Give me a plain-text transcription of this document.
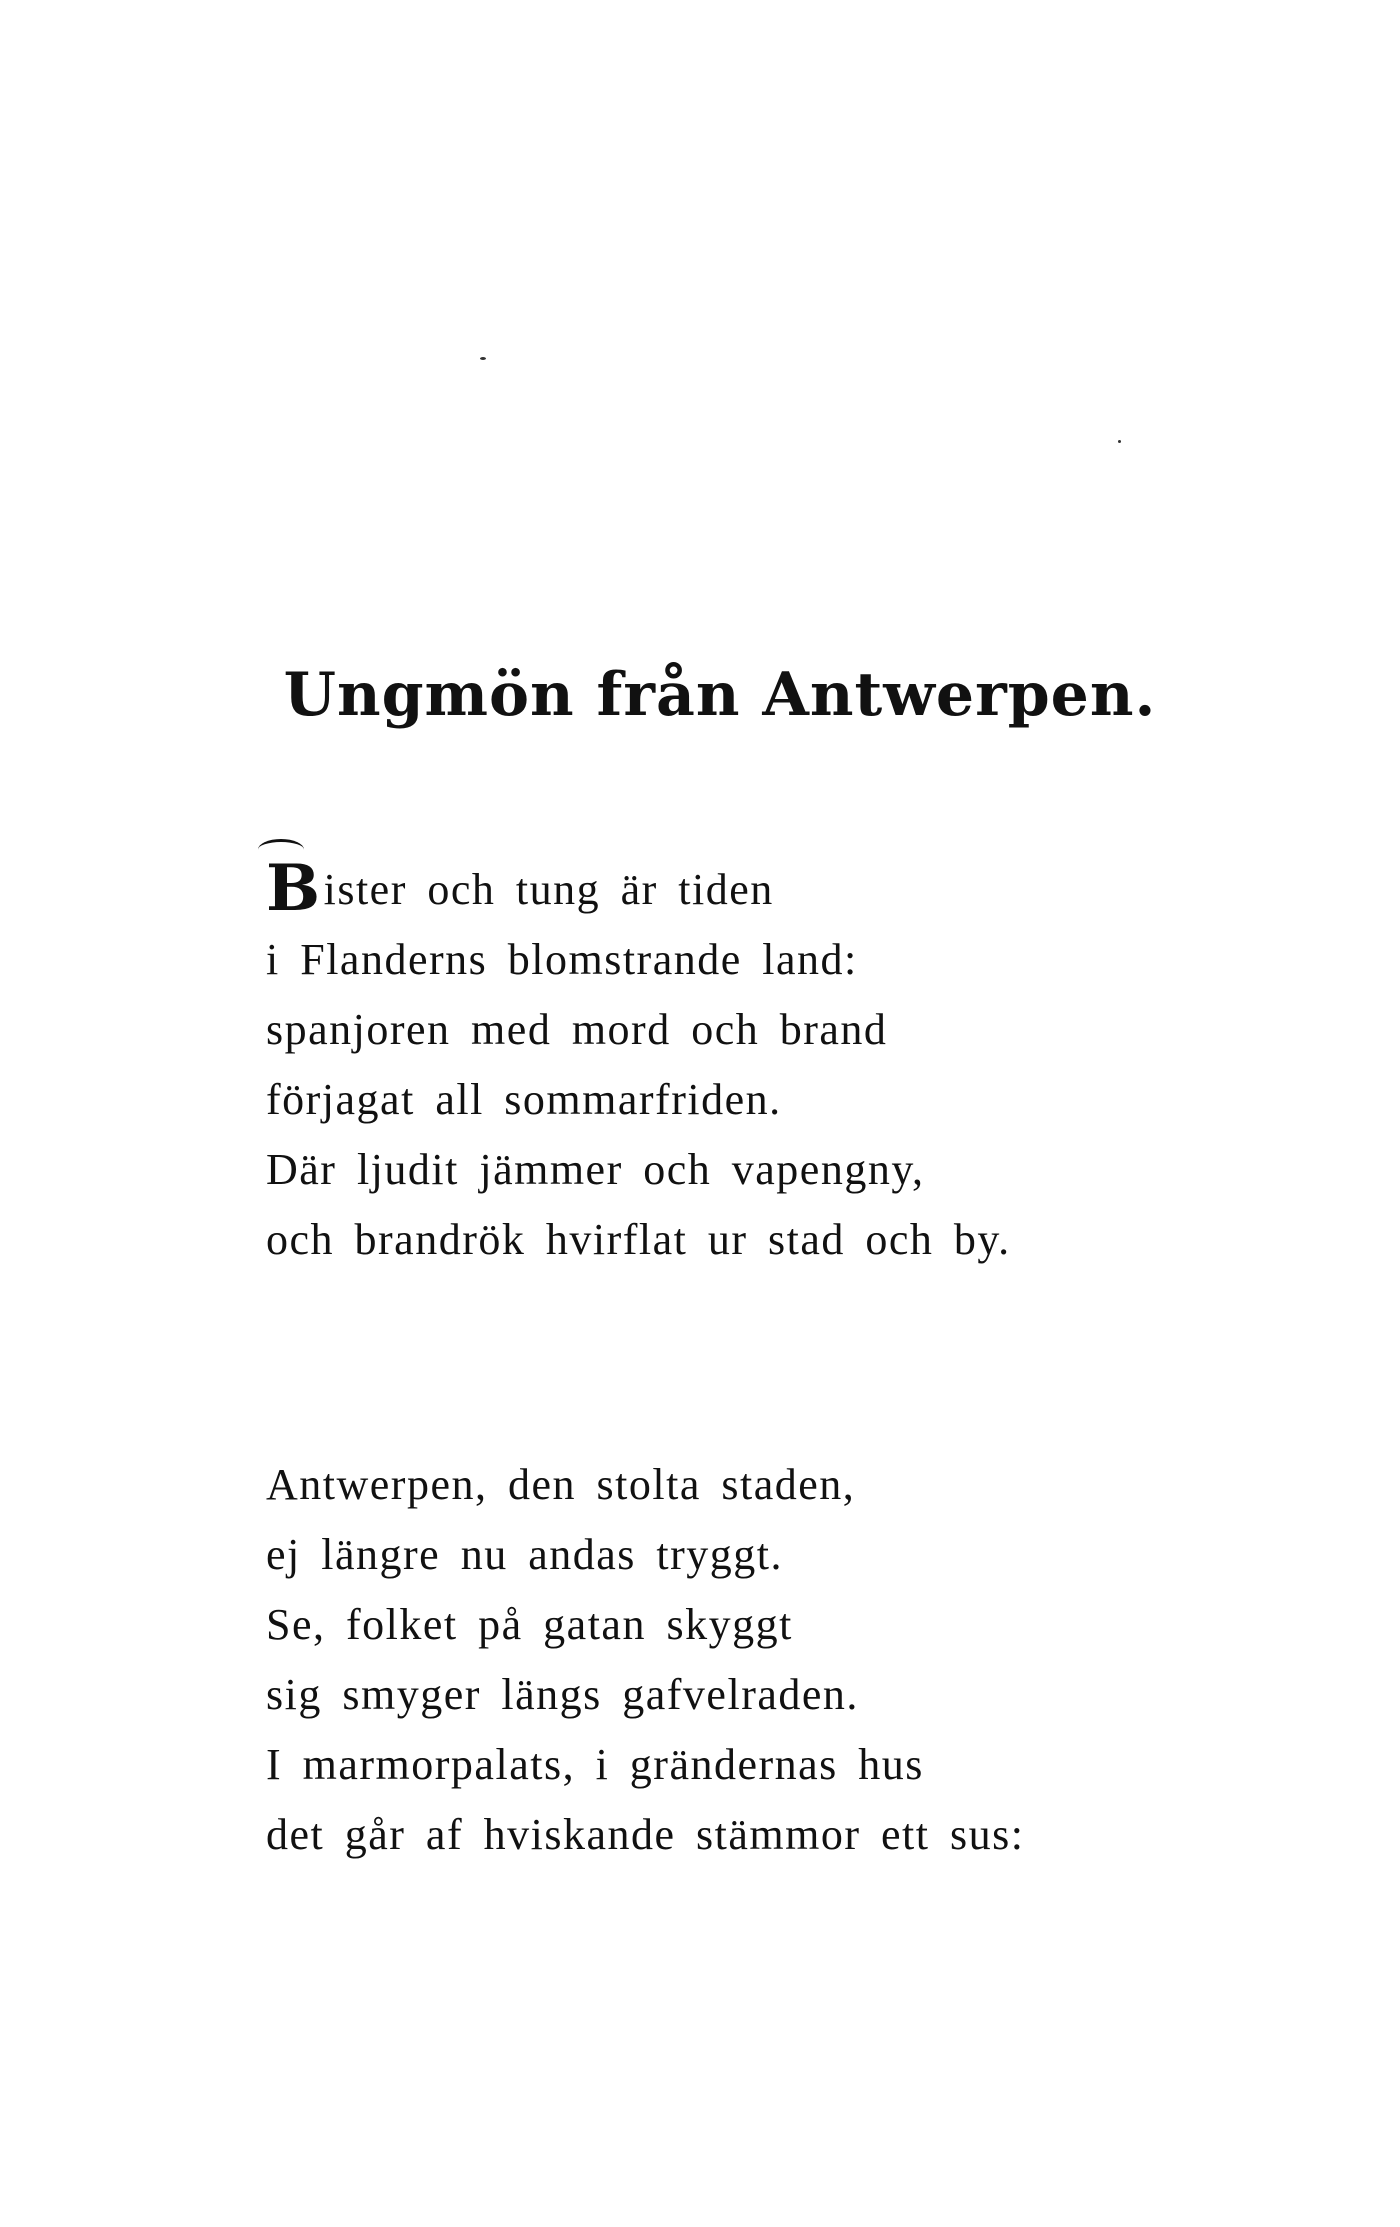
Ungmön från Antwerpen.
Bister och tung är tiden
i Flanderns blomstrande land:
spanjoren med mord och brand
förjagat all sommarfriden.
Där ljudit jämmer och vapengny,
och brandrök hvirflat ur stad och by.
Antwerpen, den stolta staden,
ej längre nu andas tryggt.
Se, folket på gatan skyggt
sig smyger längs gafvelraden.
I marmorpalats, i grändernas hus
det går af hviskande stämmor ett sus:
